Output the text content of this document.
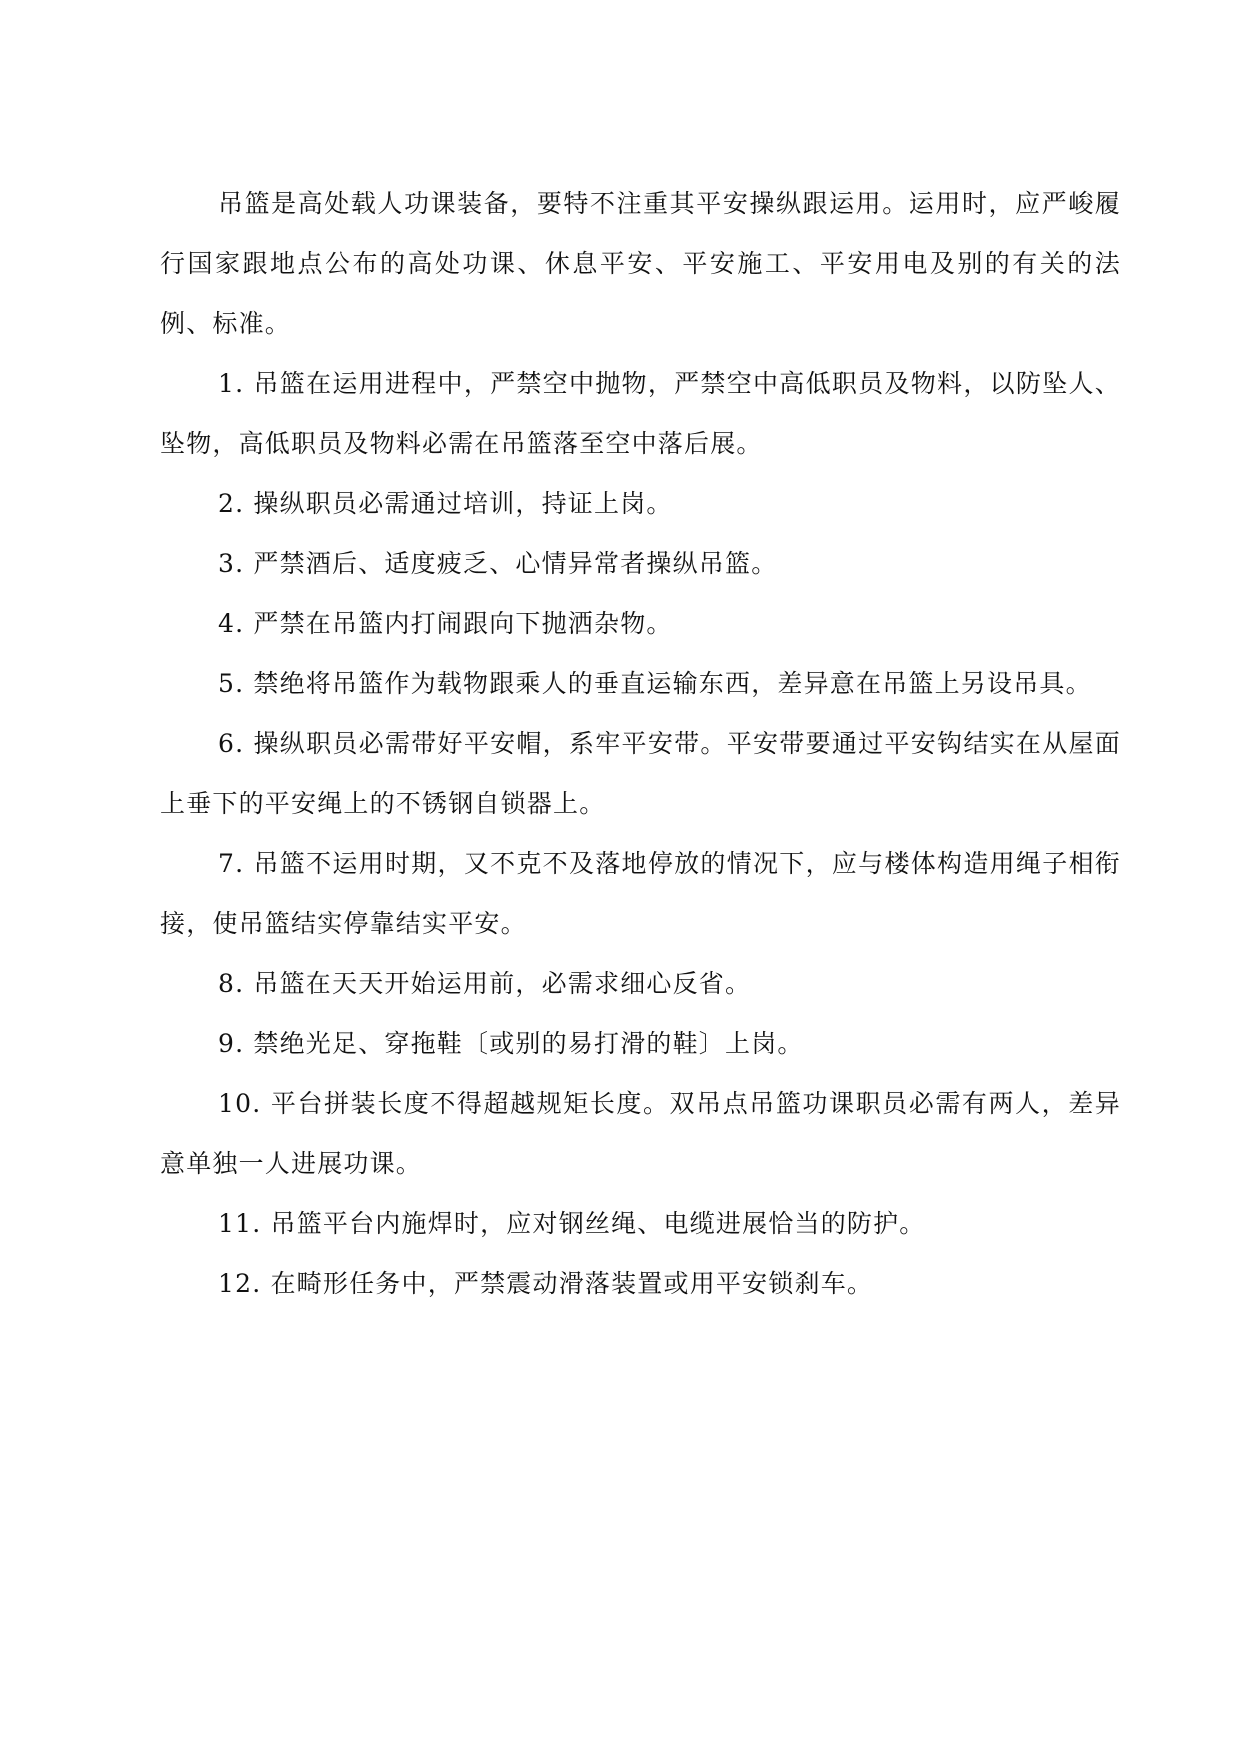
吊篮是高处载人功课装备，要特不注重其平安操纵跟运用。运用时，应严峻履行国家跟地点公布的高处功课、休息平安、平安施工、平安用电及别的有关的法例、标准。

1. 吊篮在运用进程中，严禁空中抛物，严禁空中高低职员及物料，以防坠人、坠物，高低职员及物料必需在吊篮落至空中落后展。

2. 操纵职员必需通过培训，持证上岗。

3. 严禁酒后、适度疲乏、心情异常者操纵吊篮。

4. 严禁在吊篮内打闹跟向下抛洒杂物。

5. 禁绝将吊篮作为载物跟乘人的垂直运输东西，差异意在吊篮上另设吊具。

6. 操纵职员必需带好平安帽，系牢平安带。平安带要通过平安钩结实在从屋面上垂下的平安绳上的不锈钢自锁器上。

7. 吊篮不运用时期，又不克不及落地停放的情况下，应与楼体构造用绳子相衔接，使吊篮结实停靠结实平安。

8. 吊篮在天天开始运用前，必需求细心反省。

9. 禁绝光足、穿拖鞋〔或别的易打滑的鞋〕上岗。

10. 平台拼装长度不得超越规矩长度。双吊点吊篮功课职员必需有两人，差异意单独一人进展功课。

11. 吊篮平台内施焊时，应对钢丝绳、电缆进展恰当的防护。

12. 在畸形任务中，严禁震动滑落装置或用平安锁刹车。
